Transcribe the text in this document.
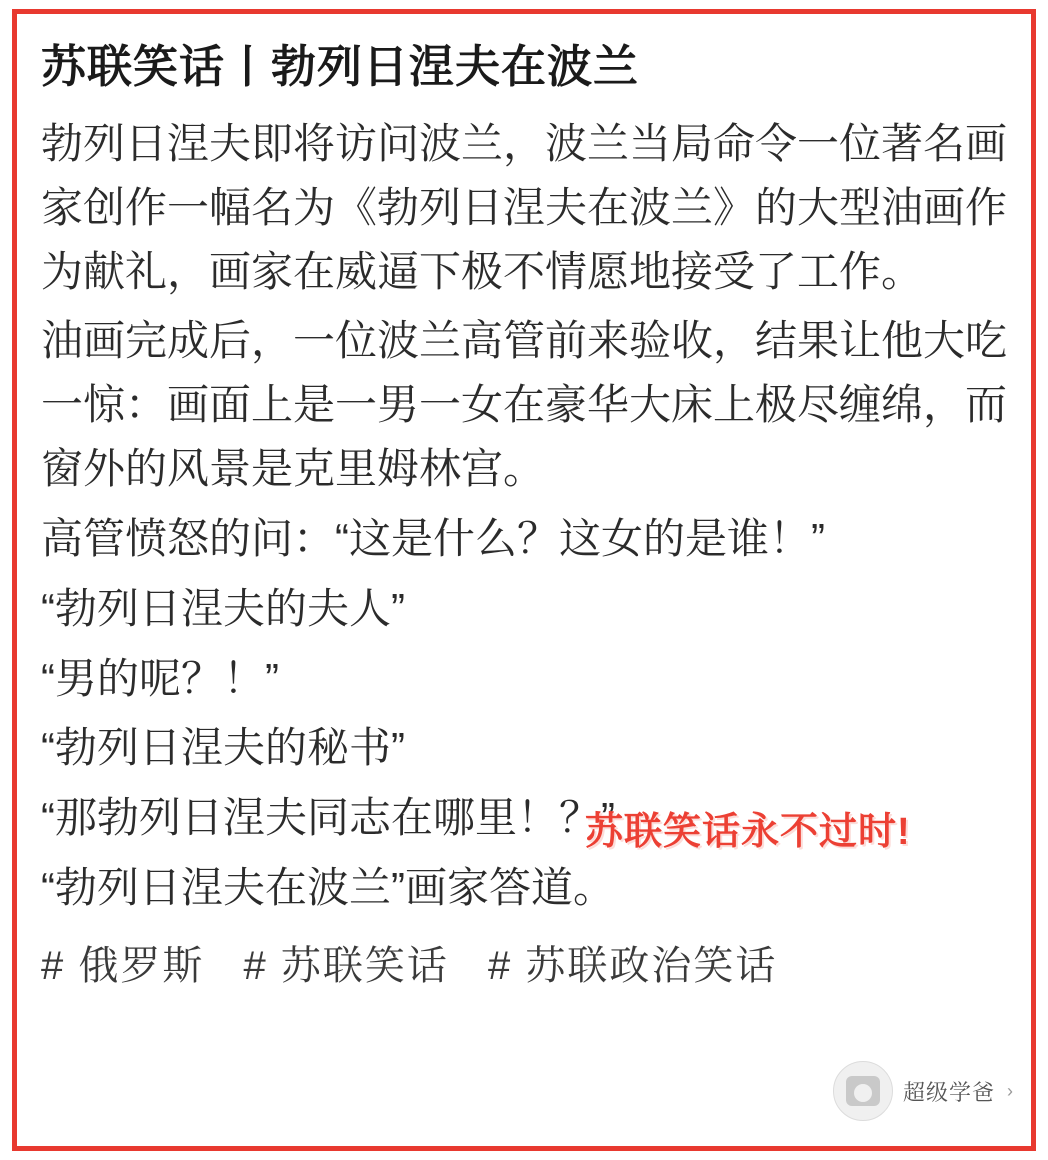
苏联笑话丨勃列日涅夫在波兰

勃列日涅夫即将访问波兰，波兰当局命令一位著名画家创作一幅名为《勃列日涅夫在波兰》的大型油画作为献礼，画家在威逼下极不情愿地接受了工作。

油画完成后，一位波兰高管前来验收，结果让他大吃一惊：画面上是一男一女在豪华大床上极尽缠绵，而窗外的风景是克里姆林宫。

高管愤怒的问：“这是什么？这女的是谁！”

“勃列日涅夫的夫人”

“男的呢？！”

“勃列日涅夫的秘书”

“那勃列日涅夫同志在哪里！？”

“勃列日涅夫在波兰”画家答道。

# 俄罗斯 # 苏联笑话 # 苏联政治笑话
苏联笑话永不过时!
超级学爸 ›
